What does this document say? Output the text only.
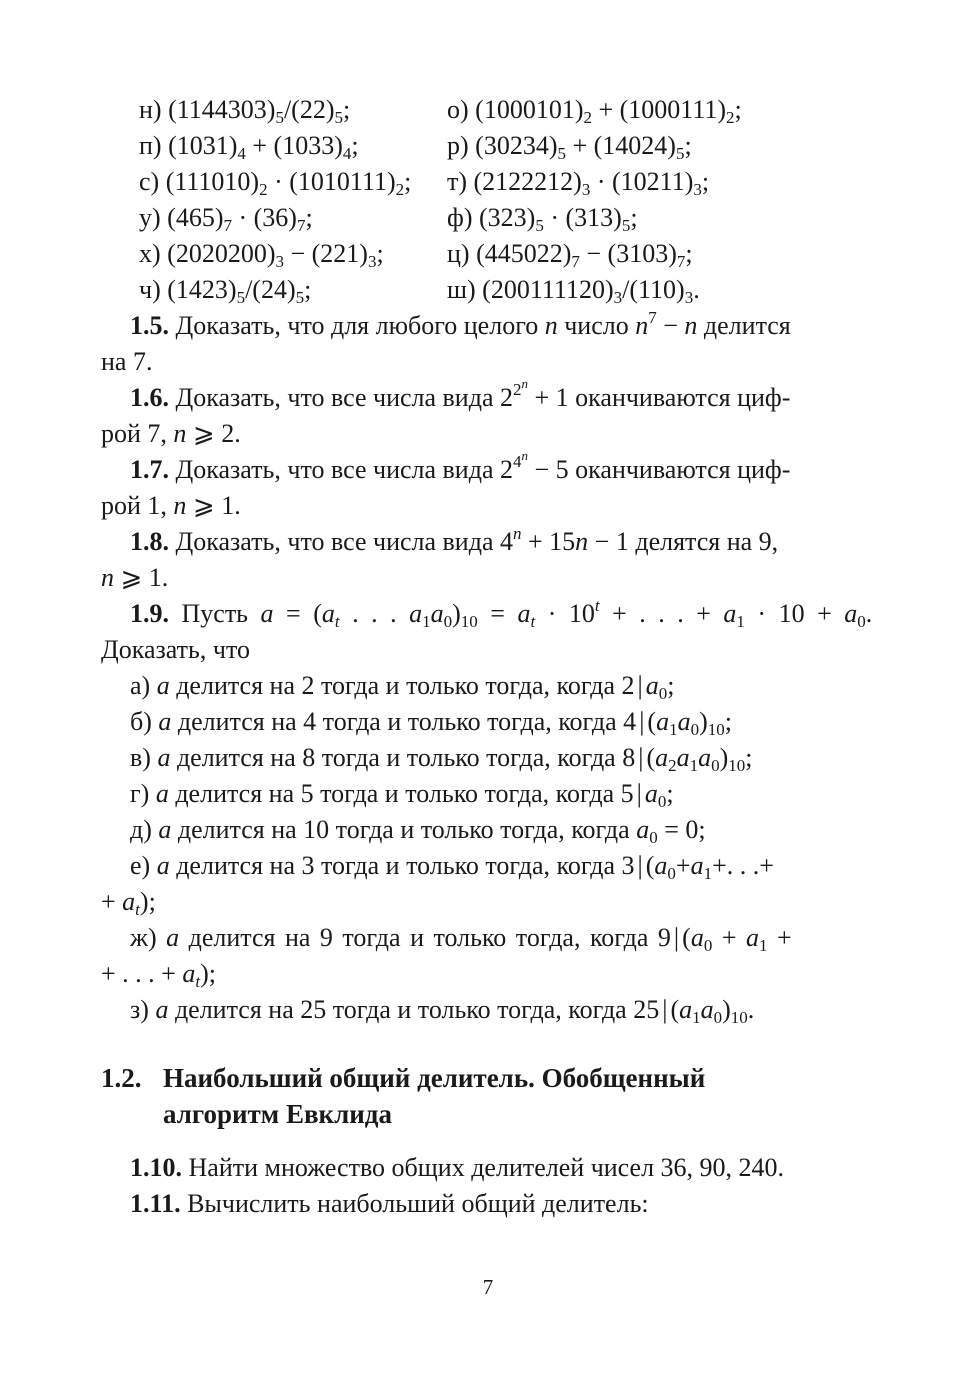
н) $(1144303)_5/(22)_5$;	о) $(1000101)_2 + (1000111)_2$;
п) $(1031)_4 + (1033)_4$;	р) $(30234)_5 + (14024)_5$;
с) $(111010)_2 \cdot (1010111)_2$; т) $(2122212)_3 \cdot (10211)_3$;
у) $(465)_7 \cdot (36)_7$;	ф) $(323)_5 \cdot (313)_5$;
х) $(2020200)_3 - (221)_3$; ц) $(445022)_7 - (3103)_7$;
ч) $(1423)_5/(24)_5$;	ш) $(200111120)_3/(110)_3$.
1.5. Доказать, что для любого целого n число $n^7 - n$ делится
на 7.
1.6. Доказать, что все числа вида $2^{2^n} + 1$ оканчиваются циф-
рой 7, n ⩾ 2.
1.7. Доказать, что все числа вида $2^{4^n} - 5$ оканчиваются циф-
рой 1, n ⩾ 1.
1.8. Доказать, что все числа вида $4^n + 15n - 1$ делятся на 9,
n ⩾ 1.
1.9. Пусть $a = (a_t$ . . . $a_1a_0)_{10} = a_t \cdot 10^t$ + . . . + $a_1 \cdot 10 + a_0$.
Доказать, что
а) a делится на 2 тогда и только тогда, когда 2 | $a_0$;
б) a делится на 4 тогда и только тогда, когда 4 | $(a_1a_0)_{10}$;
в) a делится на 8 тогда и только тогда, когда 8 | $(a_2a_1a_0)_{10}$;
г) a делится на 5 тогда и только тогда, когда 5 | $a_0$;
д) a делится на 10 тогда и только тогда, когда $a_0 = 0$;
е) a делится на 3 тогда и только тогда, когда 3 | ($a_0+a_1+$. . .+
+ $a_t$);
ж) a делится на 9 тогда и только тогда, когда 9 | ($a_0 + a_1$ +
+ . . . + $a_t$);
з) a делится на 25 тогда и только тогда, когда 25 | $(a_1a_0)_{10}$.
1.2. Наибольший общий делитель. Обобщенный
алгоритм Евклида
1.10. Найти множество общих делителей чисел 36, 90, 240.
1.11. Вычислить наибольший общий делитель:
7
